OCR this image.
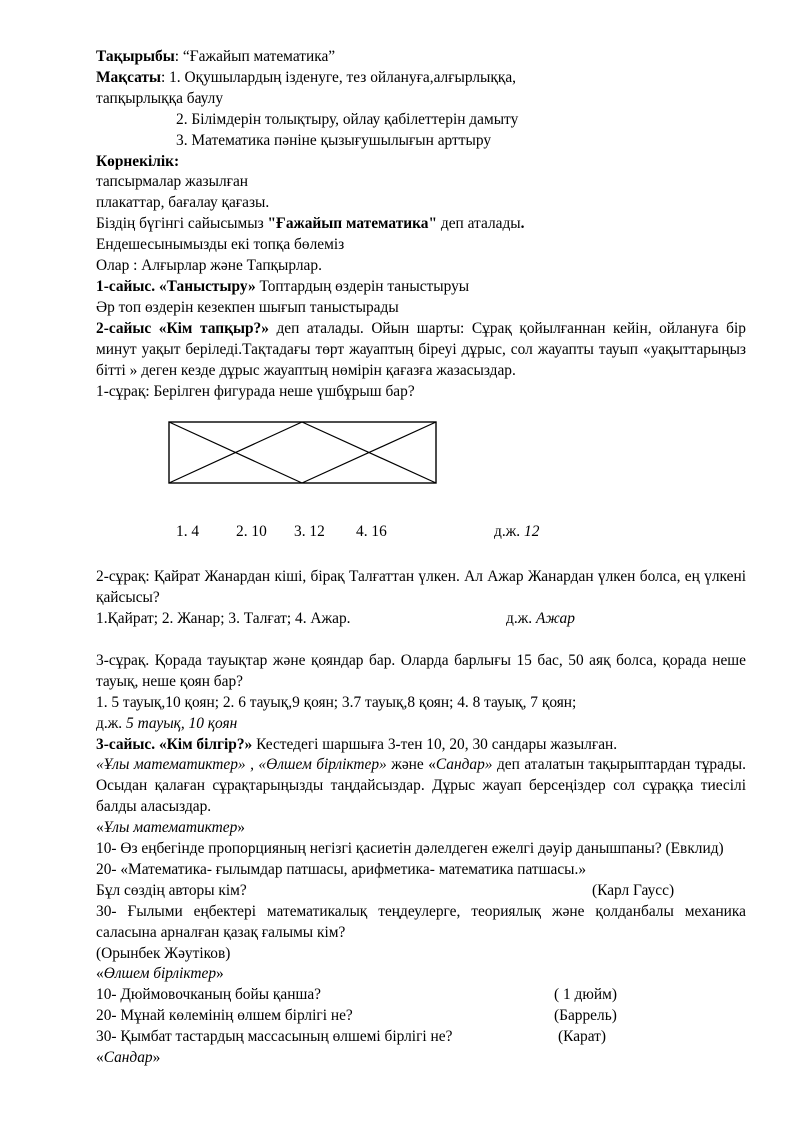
Тақырыбы: “Ғажайып математика”
Мақсаты: 1. Оқушылардың ізденуге, тез ойлануға,алғырлыққа,
тапқырлыққа баулу
2. Білімдерін толықтыру, ойлау қабілеттерін дамыту
3. Математика пәніне қызығушылығын арттыру
Көрнекілік:
тапсырмалар жазылған
плакаттар, бағалау қағазы.
Біздің бүгінгі сайысымыз "Ғажайып математика" деп аталады.
Ендешесынымызды екі топқа бөлеміз
Олар : Алғырлар және Тапқырлар.
1-сайыс. «Таныстыру» Топтардың өздерін таныстыруы
Әр топ өздерін кезекпен шығып таныстырады
2-сайыс «Кім тапқыр?» деп аталады. Ойын шарты: Сұрақ қойылғаннан кейін, ойлануға бір минут уақыт беріледі.Тақтадағы төрт жауаптың біреуі дұрыс, сол жауапты тауып «уақыттарыңыз бітті » деген кезде дұрыс жауаптың нөмірін қағазға жазасыздар.
1-сұрақ: Берілген фигурада неше үшбұрыш бар?
1. 4 2. 10 3. 12 4. 16	д.ж. 12
2-сұрақ: Қайрат Жанардан кіші, бірақ Талғаттан үлкен. Ал Ажар Жанардан үлкен болса, ең үлкені қайсысы?
1.Қайрат; 2. Жанар; 3. Талғат; 4. Ажар.	д.ж. Ажар
3-сұрақ. Қорада тауықтар және қояндар бар. Оларда барлығы 15 бас, 50 аяқ болса, қорада неше тауық, неше қоян бар?
1. 5 тауық,10 қоян; 2. 6 тауық,9 қоян; 3.7 тауық,8 қоян; 4. 8 тауық, 7 қоян;
д.ж. 5 тауық, 10 қоян
3-сайыс. «Кім білгір?» Кестедегі шаршыға 3-тен 10, 20, 30 сандары жазылған.
«Ұлы математиктер» , «Өлшем бірліктер» және «Сандар» деп аталатын тақырыптардан тұрады. Осыдан қалаған сұрақтарыңызды таңдайсыздар. Дұрыс жауап берсеңіздер сол сұраққа тиесілі балды аласыздар.
«Ұлы математиктер»
10- Өз еңбегінде пропорцияның негізгі қасиетін дәлелдеген ежелгі дәуір данышпаны? (Евклид)
20- «Математика- ғылымдар патшасы, арифметика- математика патшасы.»
Бұл сөздің авторы кім?	(Карл Гаусс)
30- Ғылыми еңбектері математикалық теңдеулерге, теориялық және қолданбалы механика саласына арналған қазақ ғалымы кім?
(Орынбек Жәутіков)
«Өлшем бірліктер»
10- Дюймовочканың бойы қанша?	( 1 дюйм)
20- Мұнай көлемінің өлшем бірлігі не?	(Баррель)
30- Қымбат тастардың массасының өлшемі бірлігі не?	(Карат)
«Сандар»
